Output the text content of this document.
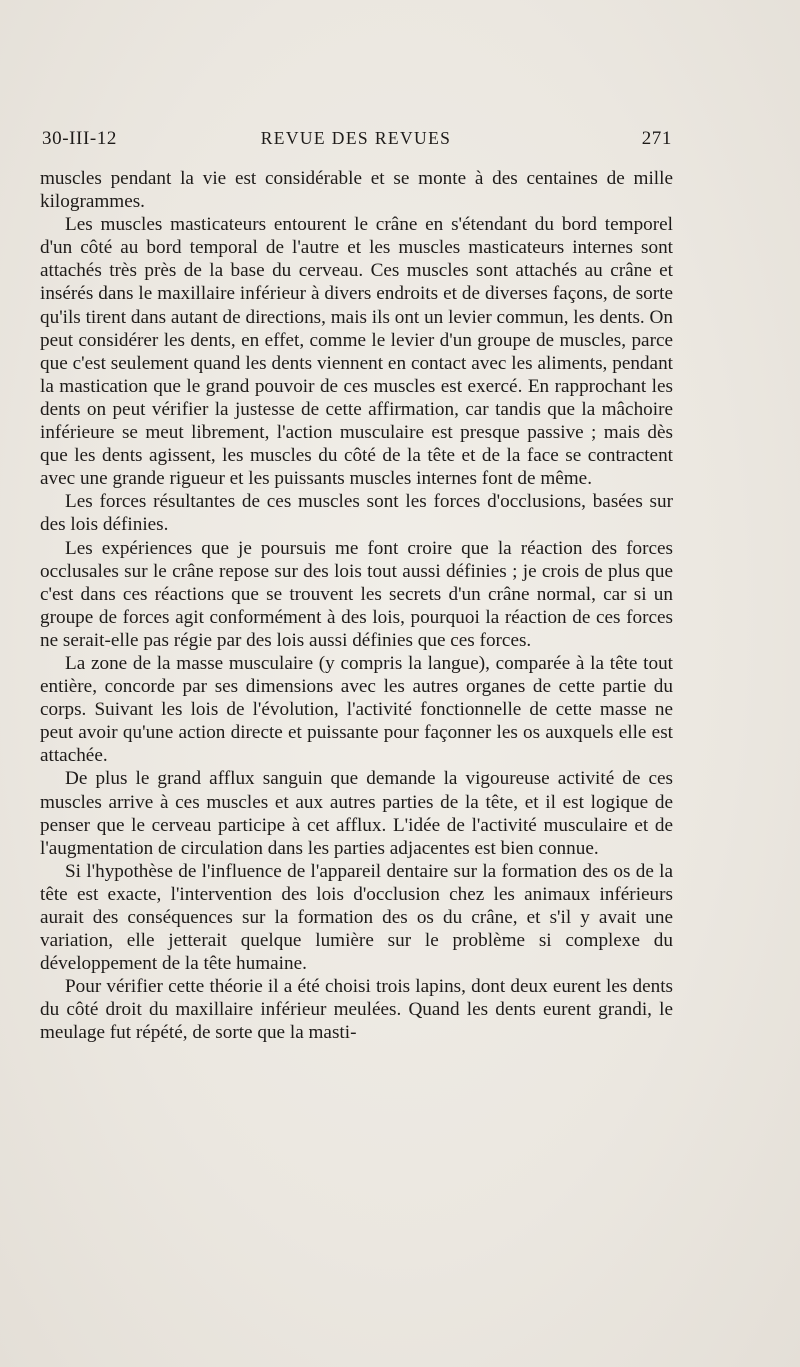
30-III-12	REVUE DES REVUES	271

muscles pendant la vie est considérable et se monte à des centaines de mille kilogrammes.

Les muscles masticateurs entourent le crâne en s'étendant du bord temporel d'un côté au bord temporal de l'autre et les muscles masticateurs internes sont attachés très près de la base du cerveau. Ces muscles sont attachés au crâne et insérés dans le maxillaire inférieur à divers endroits et de diverses façons, de sorte qu'ils tirent dans autant de directions, mais ils ont un levier commun, les dents. On peut considérer les dents, en effet, comme le levier d'un groupe de muscles, parce que c'est seulement quand les dents viennent en contact avec les aliments, pendant la mastication que le grand pouvoir de ces muscles est exercé. En rapprochant les dents on peut vérifier la justesse de cette affirmation, car tandis que la mâchoire inférieure se meut librement, l'action musculaire est presque passive ; mais dès que les dents agissent, les muscles du côté de la tête et de la face se contractent avec une grande rigueur et les puissants muscles internes font de même.

Les forces résultantes de ces muscles sont les forces d'occlusions, basées sur des lois définies.

Les expériences que je poursuis me font croire que la réaction des forces occlusales sur le crâne repose sur des lois tout aussi définies ; je crois de plus que c'est dans ces réactions que se trouvent les secrets d'un crâne normal, car si un groupe de forces agit conformément à des lois, pourquoi la réaction de ces forces ne serait-elle pas régie par des lois aussi définies que ces forces.

La zone de la masse musculaire (y compris la langue), comparée à la tête tout entière, concorde par ses dimensions avec les autres organes de cette partie du corps. Suivant les lois de l'évolution, l'activité fonctionnelle de cette masse ne peut avoir qu'une action directe et puissante pour façonner les os auxquels elle est attachée.

De plus le grand afflux sanguin que demande la vigoureuse activité de ces muscles arrive à ces muscles et aux autres parties de la tête, et il est logique de penser que le cerveau participe à cet afflux. L'idée de l'activité musculaire et de l'augmentation de circulation dans les parties adjacentes est bien connue.

Si l'hypothèse de l'influence de l'appareil dentaire sur la formation des os de la tête est exacte, l'intervention des lois d'occlusion chez les animaux inférieurs aurait des conséquences sur la formation des os du crâne, et s'il y avait une variation, elle jetterait quelque lumière sur le problème si complexe du développement de la tête humaine.

Pour vérifier cette théorie il a été choisi trois lapins, dont deux eurent les dents du côté droit du maxillaire inférieur meulées. Quand les dents eurent grandi, le meulage fut répété, de sorte que la masti-
